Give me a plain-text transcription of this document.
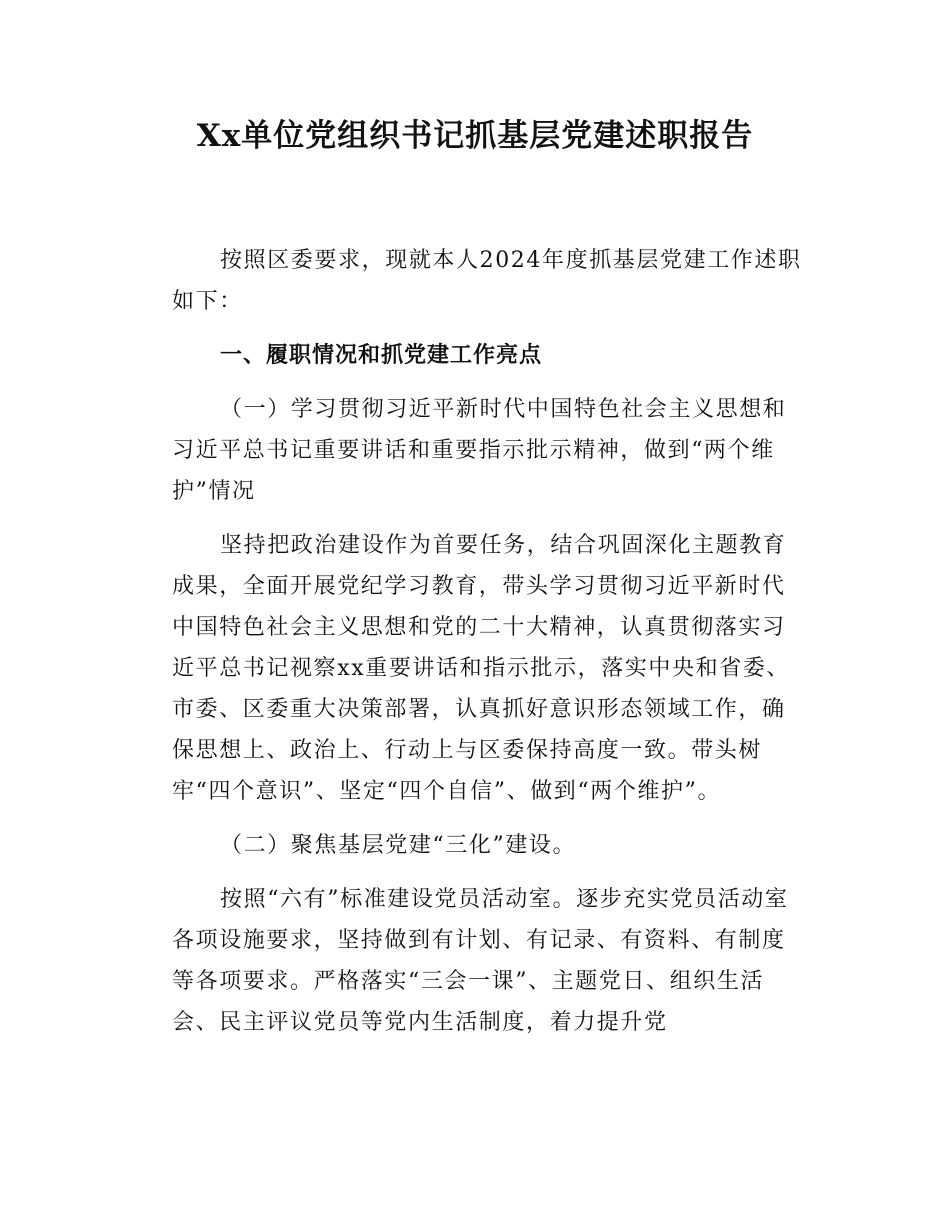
Xx单位党组织书记抓基层党建述职报告

按照区委要求，现就本人2024年度抓基层党建工作述职如下：

一、履职情况和抓党建工作亮点

（一）学习贯彻习近平新时代中国特色社会主义思想和习近平总书记重要讲话和重要指示批示精神，做到“两个维护”情况

坚持把政治建设作为首要任务，结合巩固深化主题教育成果，全面开展党纪学习教育，带头学习贯彻习近平新时代中国特色社会主义思想和党的二十大精神，认真贯彻落实习近平总书记视察xx重要讲话和指示批示，落实中央和省委、市委、区委重大决策部署，认真抓好意识形态领域工作，确保思想上、政治上、行动上与区委保持高度一致。带头树牢“四个意识”、坚定“四个自信”、做到“两个维护”。

（二）聚焦基层党建“三化”建设。

按照“六有”标准建设党员活动室。逐步充实党员活动室各项设施要求，坚持做到有计划、有记录、有资料、有制度等各项要求。严格落实“三会一课”、主题党日、组织生活会、民主评议党员等党内生活制度，着力提升党
